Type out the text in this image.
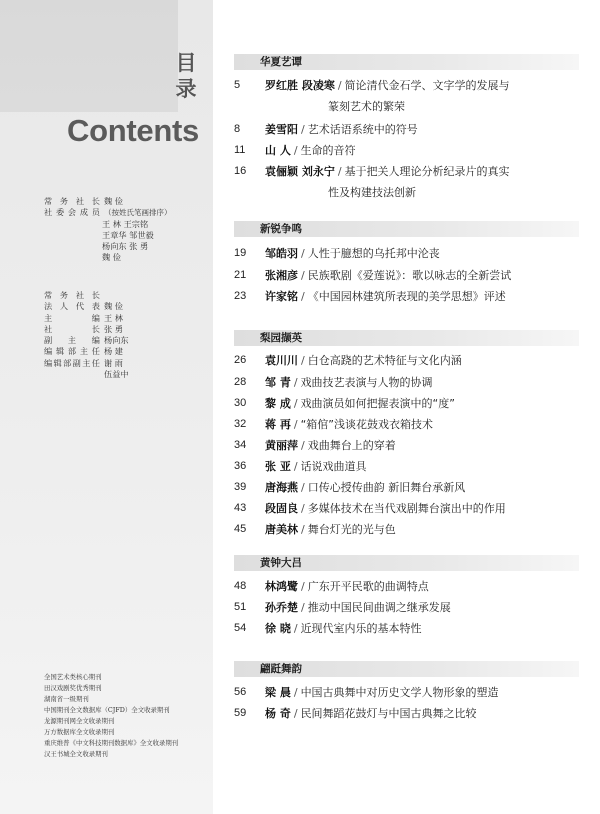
目录
Contents
常务社长 魏 俭
社委会成员 （按姓氏笔画排序）
王 林 王宗铭
王章华 邹世毅
杨向东 张 勇
魏 俭
常务社长
法人代表 魏 俭
主 编 王 林
社 长 张 勇
副 主 编 杨向东
编辑部主任 杨 建
编辑部副主任 谢 雨
伍益中
全国艺术类核心期刊
田汉戏剧奖优秀期刊
湖南省一级期刊
中国期刊全文数据库（CJFD）全文收录期刊
龙源期刊网全文收录期刊
万方数据库全文收录期刊
重庆维普《中文科技期刊数据库》全文收录期刊
汉王书城全文收录期刊
华夏艺谭
5	罗红胜 段凌寒 / 简论清代金石学、文字学的发展与
篆刻艺术的繁荣
8	姜雪阳 / 艺术话语系统中的符号
11	山 人 / 生命的音符
16	袁俪颖 刘永宁 / 基于把关人理论分析纪录片的真实
性及构建技法创新
新锐争鸣
19	邹皓羽 / 人性于臆想的乌托邦中沦丧
21	张湘彦 / 民族歌剧《爱莲说》：歌以咏志的全新尝试
23	许家铭 / 《中国园林建筑所表现的美学思想》评述
梨园撷英
26	袁川川 / 白仓高跷的艺术特征与文化内涵
28	邹 青 / 戏曲技艺表演与人物的协调
30	黎 成 / 戏曲演员如何把握表演中的“度”
32	蒋 再 / “箱倌”浅谈花鼓戏衣箱技术
34	黄丽萍 / 戏曲舞台上的穿着
36	张 亚 / 话说戏曲道具
39	唐海燕 / 口传心授传曲韵 新旧舞台承新风
43	段固良 / 多媒体技术在当代戏剧舞台演出中的作用
45	唐美林 / 舞台灯光的光与色
黄钟大吕
48	林鸿鹭 / 广东开平民歌的曲调特点
51	孙乔楚 / 推动中国民间曲调之继承发展
54	徐 晓 / 近现代室内乐的基本特性
翩跹舞韵
56	梁 晨 / 中国古典舞中对历史文学人物形象的塑造
59	杨 奇 / 民间舞蹈花鼓灯与中国古典舞之比较
